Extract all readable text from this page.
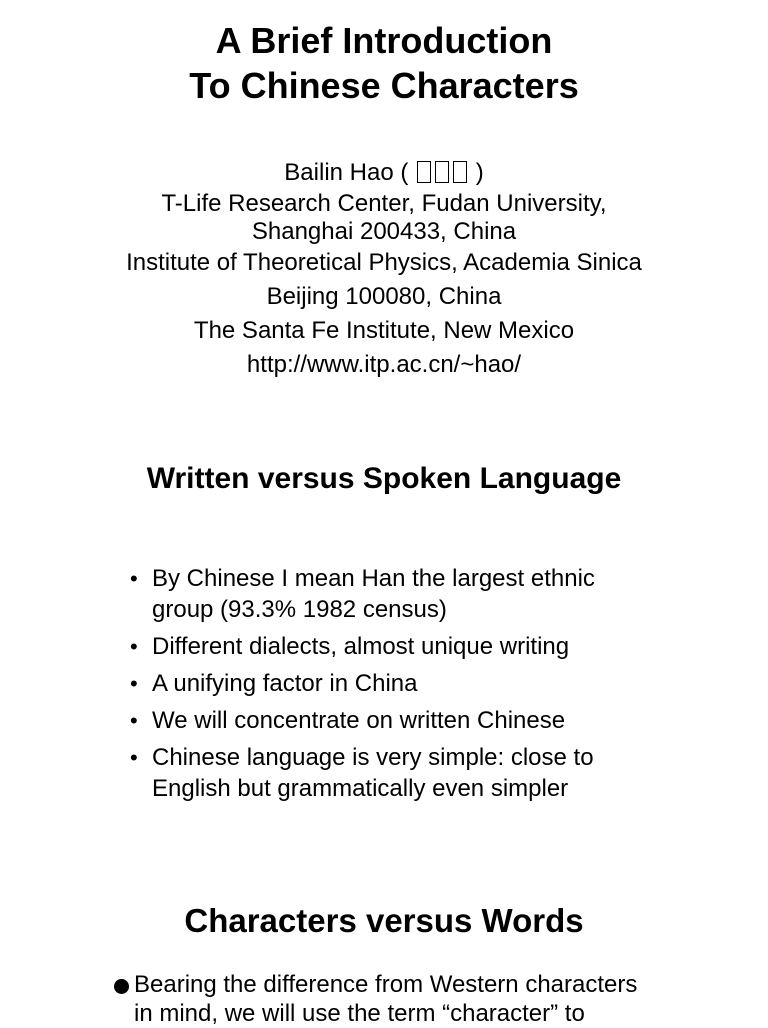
A Brief Introduction
To Chinese Characters
Bailin Hao (	)
T-Life Research Center, Fudan University,
Shanghai 200433, China
Institute of Theoretical Physics, Academia Sinica
Beijing 100080, China
The Santa Fe Institute, New Mexico
http://www.itp.ac.cn/~hao/
Written versus Spoken Language
• By Chinese I mean Han the largest ethnic
group (93.3% 1982 census)
• Different dialects, almost unique writing
• A unifying factor in China
• We will concentrate on written Chinese
• Chinese language is very simple: close to
English but grammatically even simpler
Characters versus Words
Bearing the difference from Western characters
in mind, we will use the term “character” to
